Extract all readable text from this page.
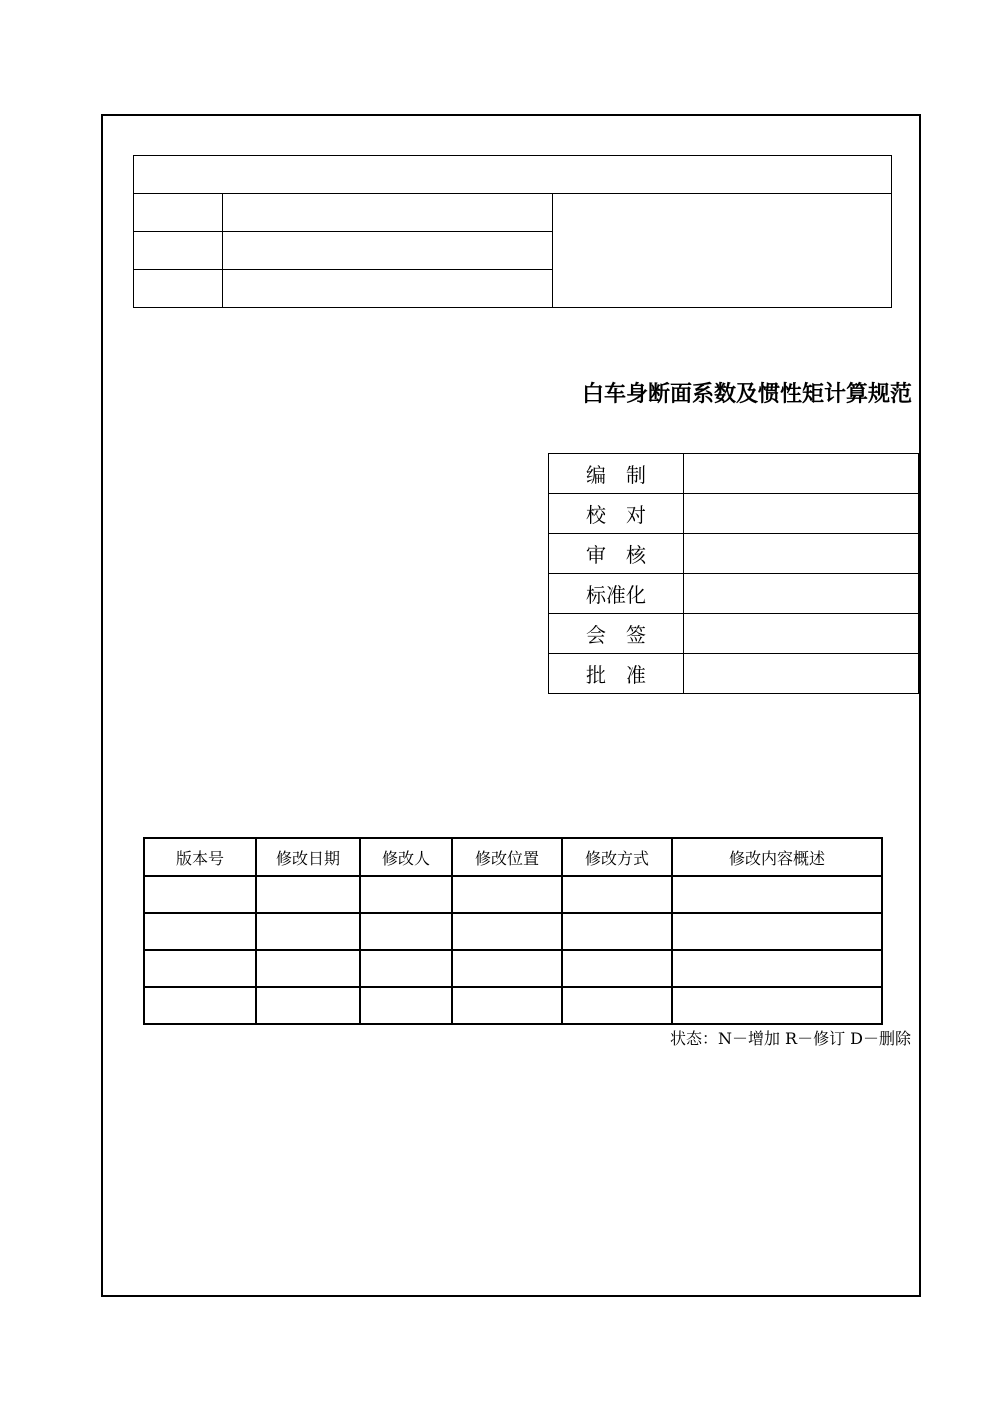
白车身断面系数及惯性矩计算规范
编　制	
校　对	
审　核	
标准化	
会　签	
批　准	
版本号	修改日期	修改人	修改位置	修改方式	修改内容概述

状态：N－增加 R－修订 D－删除
